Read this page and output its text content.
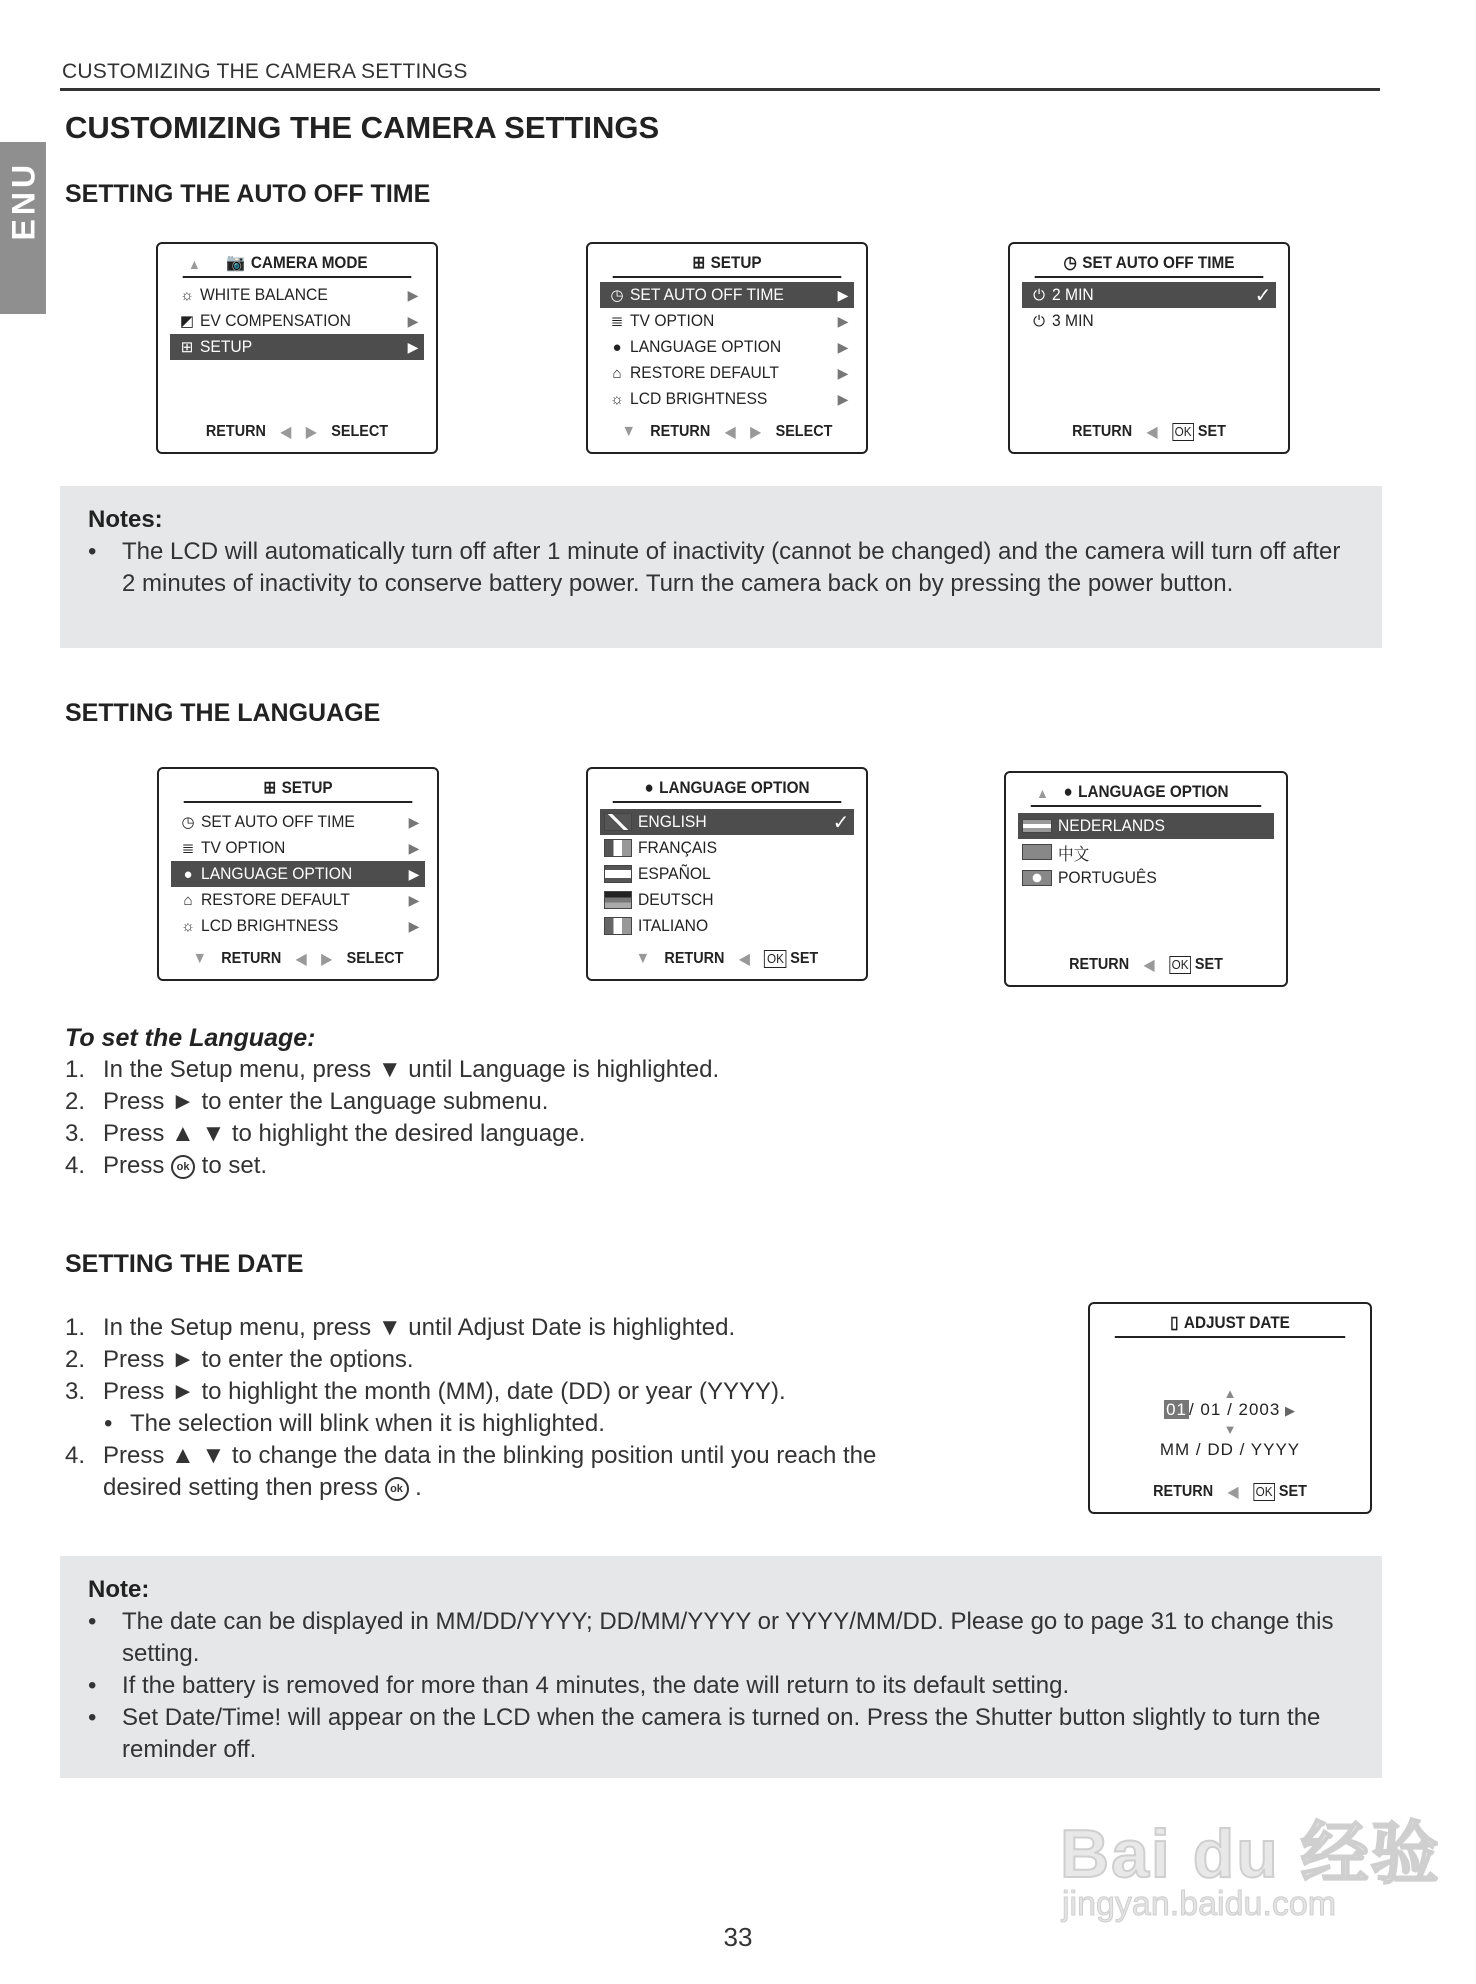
CUSTOMIZING THE CAMERA SETTINGS
ENU
CUSTOMIZING THE CAMERA SETTINGS
SETTING THE AUTO OFF TIME
▲ 📷 CAMERA MODE
☼ WHITE BALANCE	▶
◩ EV COMPENSATION	▶
⊞ SETUP	▶
RETURN ◀ ▶ SELECT
⊞ SETUP
◷ SET AUTO OFF TIME	▶
≣ TV OPTION	▶
● LANGUAGE OPTION	▶
⌂ RESTORE DEFAULT	▶
☼ LCD BRIGHTNESS	▶
▼ RETURN ◀ ▶ SELECT
◷ SET AUTO OFF TIME
⏻ 2 MIN	✓
⏻ 3 MIN
RETURN ◀ OK SET
Notes:
• The LCD will automatically turn off after 1 minute of inactivity (cannot be changed) and the camera will turn off after 2 minutes of inactivity to conserve battery power. Turn the camera back on by pressing the power button.
SETTING THE LANGUAGE
⊞ SETUP
◷ SET AUTO OFF TIME	▶
≣ TV OPTION	▶
● LANGUAGE OPTION	▶
⌂ RESTORE DEFAULT	▶
☼ LCD BRIGHTNESS	▶
▼ RETURN ◀ ▶ SELECT
● LANGUAGE OPTION
ENGLISH	✓
FRANÇAIS
ESPAÑOL
DEUTSCH
ITALIANO
▼ RETURN ◀ OK SET
▲ ● LANGUAGE OPTION
NEDERLANDS
中文
PORTUGUÊS
RETURN ◀ OK SET
To set the Language:
1. In the Setup menu, press ▼ until Language is highlighted.
2. Press ► to enter the Language submenu.
3. Press ▲ ▼ to highlight the desired language.
4. Press ok to set.
SETTING THE DATE
1. In the Setup menu, press ▼ until Adjust Date is highlighted.
2. Press ► to enter the options.
3. Press ► to highlight the month (MM), date (DD) or year (YYYY).
• The selection will blink when it is highlighted.
4. Press ▲ ▼ to change the data in the blinking position until you reach the
desired setting then press ok .
▯ ADJUST DATE
▲
01 / 01 / 2003 ▶
▼
MM / DD / YYYY
RETURN ◀ OK SET
Note:
• The date can be displayed in MM/DD/YYYY; DD/MM/YYYY or YYYY/MM/DD. Please go to page 31 to change this setting.
• If the battery is removed for more than 4 minutes, the date will return to its default setting.
• Set Date/Time! will appear on the LCD when the camera is turned on. Press the Shutter button slightly to turn the reminder off.
Bai du 经验
jingyan.baidu.com
33
